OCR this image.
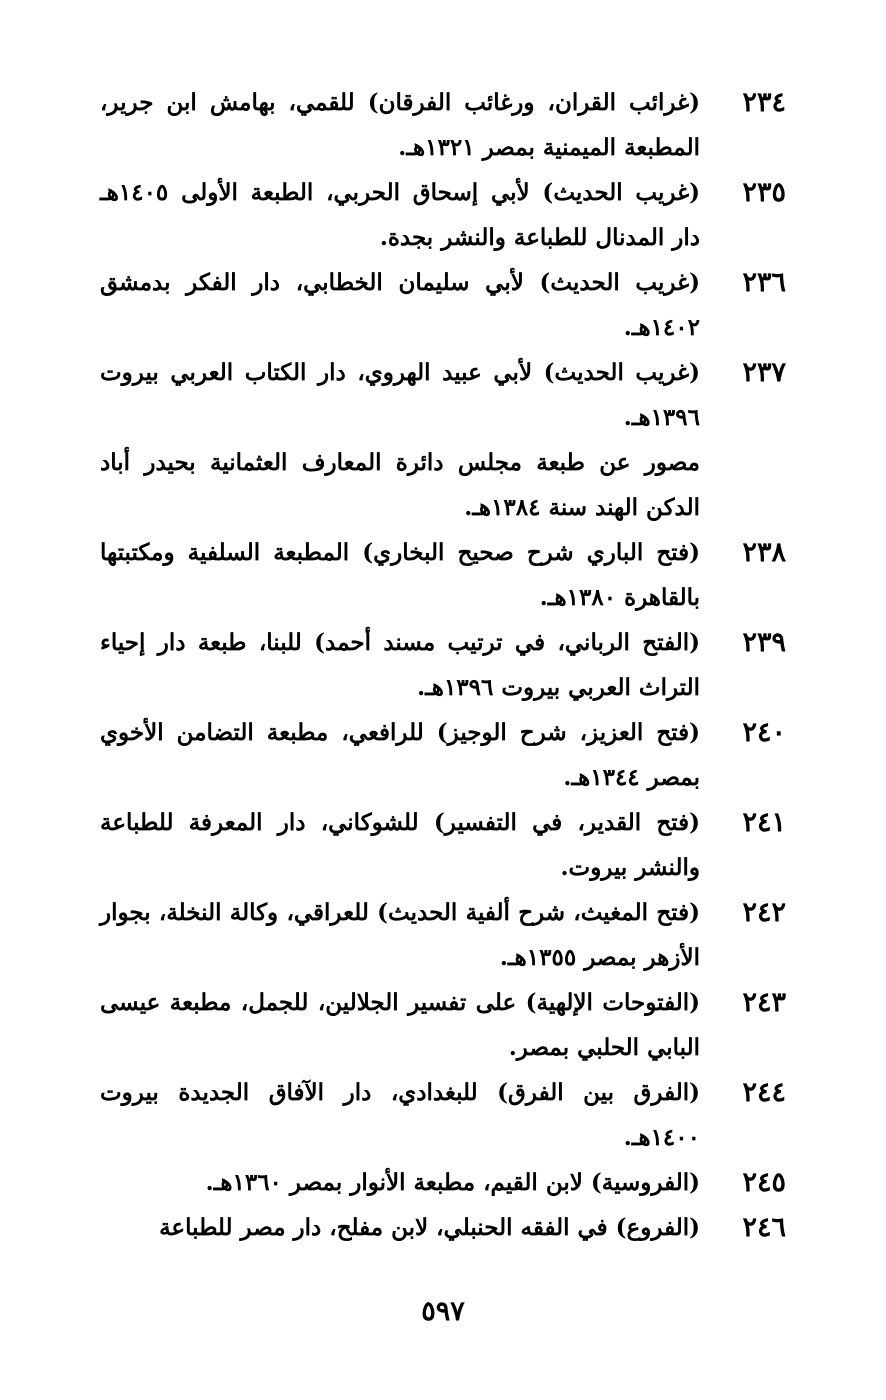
٢٣٤
(غرائب القران، ورغائب الفرقان) للقمي، بهامش ابن جرير، المطبعة الميمنية بمصر ١٣٢١هـ.
٢٣٥
(غريب الحديث) لأبي إسحاق الحربي، الطبعة الأولى ١٤٠٥هـ دار المدنال للطباعة والنشر بجدة.
٢٣٦
(غريب الحديث) لأبي سليمان الخطابي، دار الفكر بدمشق ١٤٠٢هـ.
٢٣٧
(غريب الحديث) لأبي عبيد الهروي، دار الكتاب العربي بيروت ١٣٩٦هـ.
مصور عن طبعة مجلس دائرة المعارف العثمانية بحيدر أباد الدكن الهند سنة ١٣٨٤هـ.
٢٣٨
(فتح الباري شرح صحيح البخاري) المطبعة السلفية ومكتبتها بالقاهرة ١٣٨٠هـ.
٢٣٩
(الفتح الرباني، في ترتيب مسند أحمد) للبنا، طبعة دار إحياء التراث العربي بيروت ١٣٩٦هـ.
٢٤٠
(فتح العزيز، شرح الوجيز) للرافعي، مطبعة التضامن الأخوي بمصر ١٣٤٤هـ.
٢٤١
(فتح القدير، في التفسير) للشوكاني، دار المعرفة للطباعة والنشر بيروت.
٢٤٢
(فتح المغيث، شرح ألفية الحديث) للعراقي، وكالة النخلة، بجوار الأزهر بمصر ١٣٥٥هـ.
٢٤٣
(الفتوحات الإلهية) على تفسير الجلالين، للجمل، مطبعة عيسى البابي الحلبي بمصر.
٢٤٤
(الفرق بين الفرق) للبغدادي، دار الآفاق الجديدة بيروت ١٤٠٠هـ.
٢٤٥
(الفروسية) لابن القيم، مطبعة الأنوار بمصر ١٣٦٠هـ.
٢٤٦
(الفروع) في الفقه الحنبلي، لابن مفلح، دار مصر للطباعة
٥٩٧
